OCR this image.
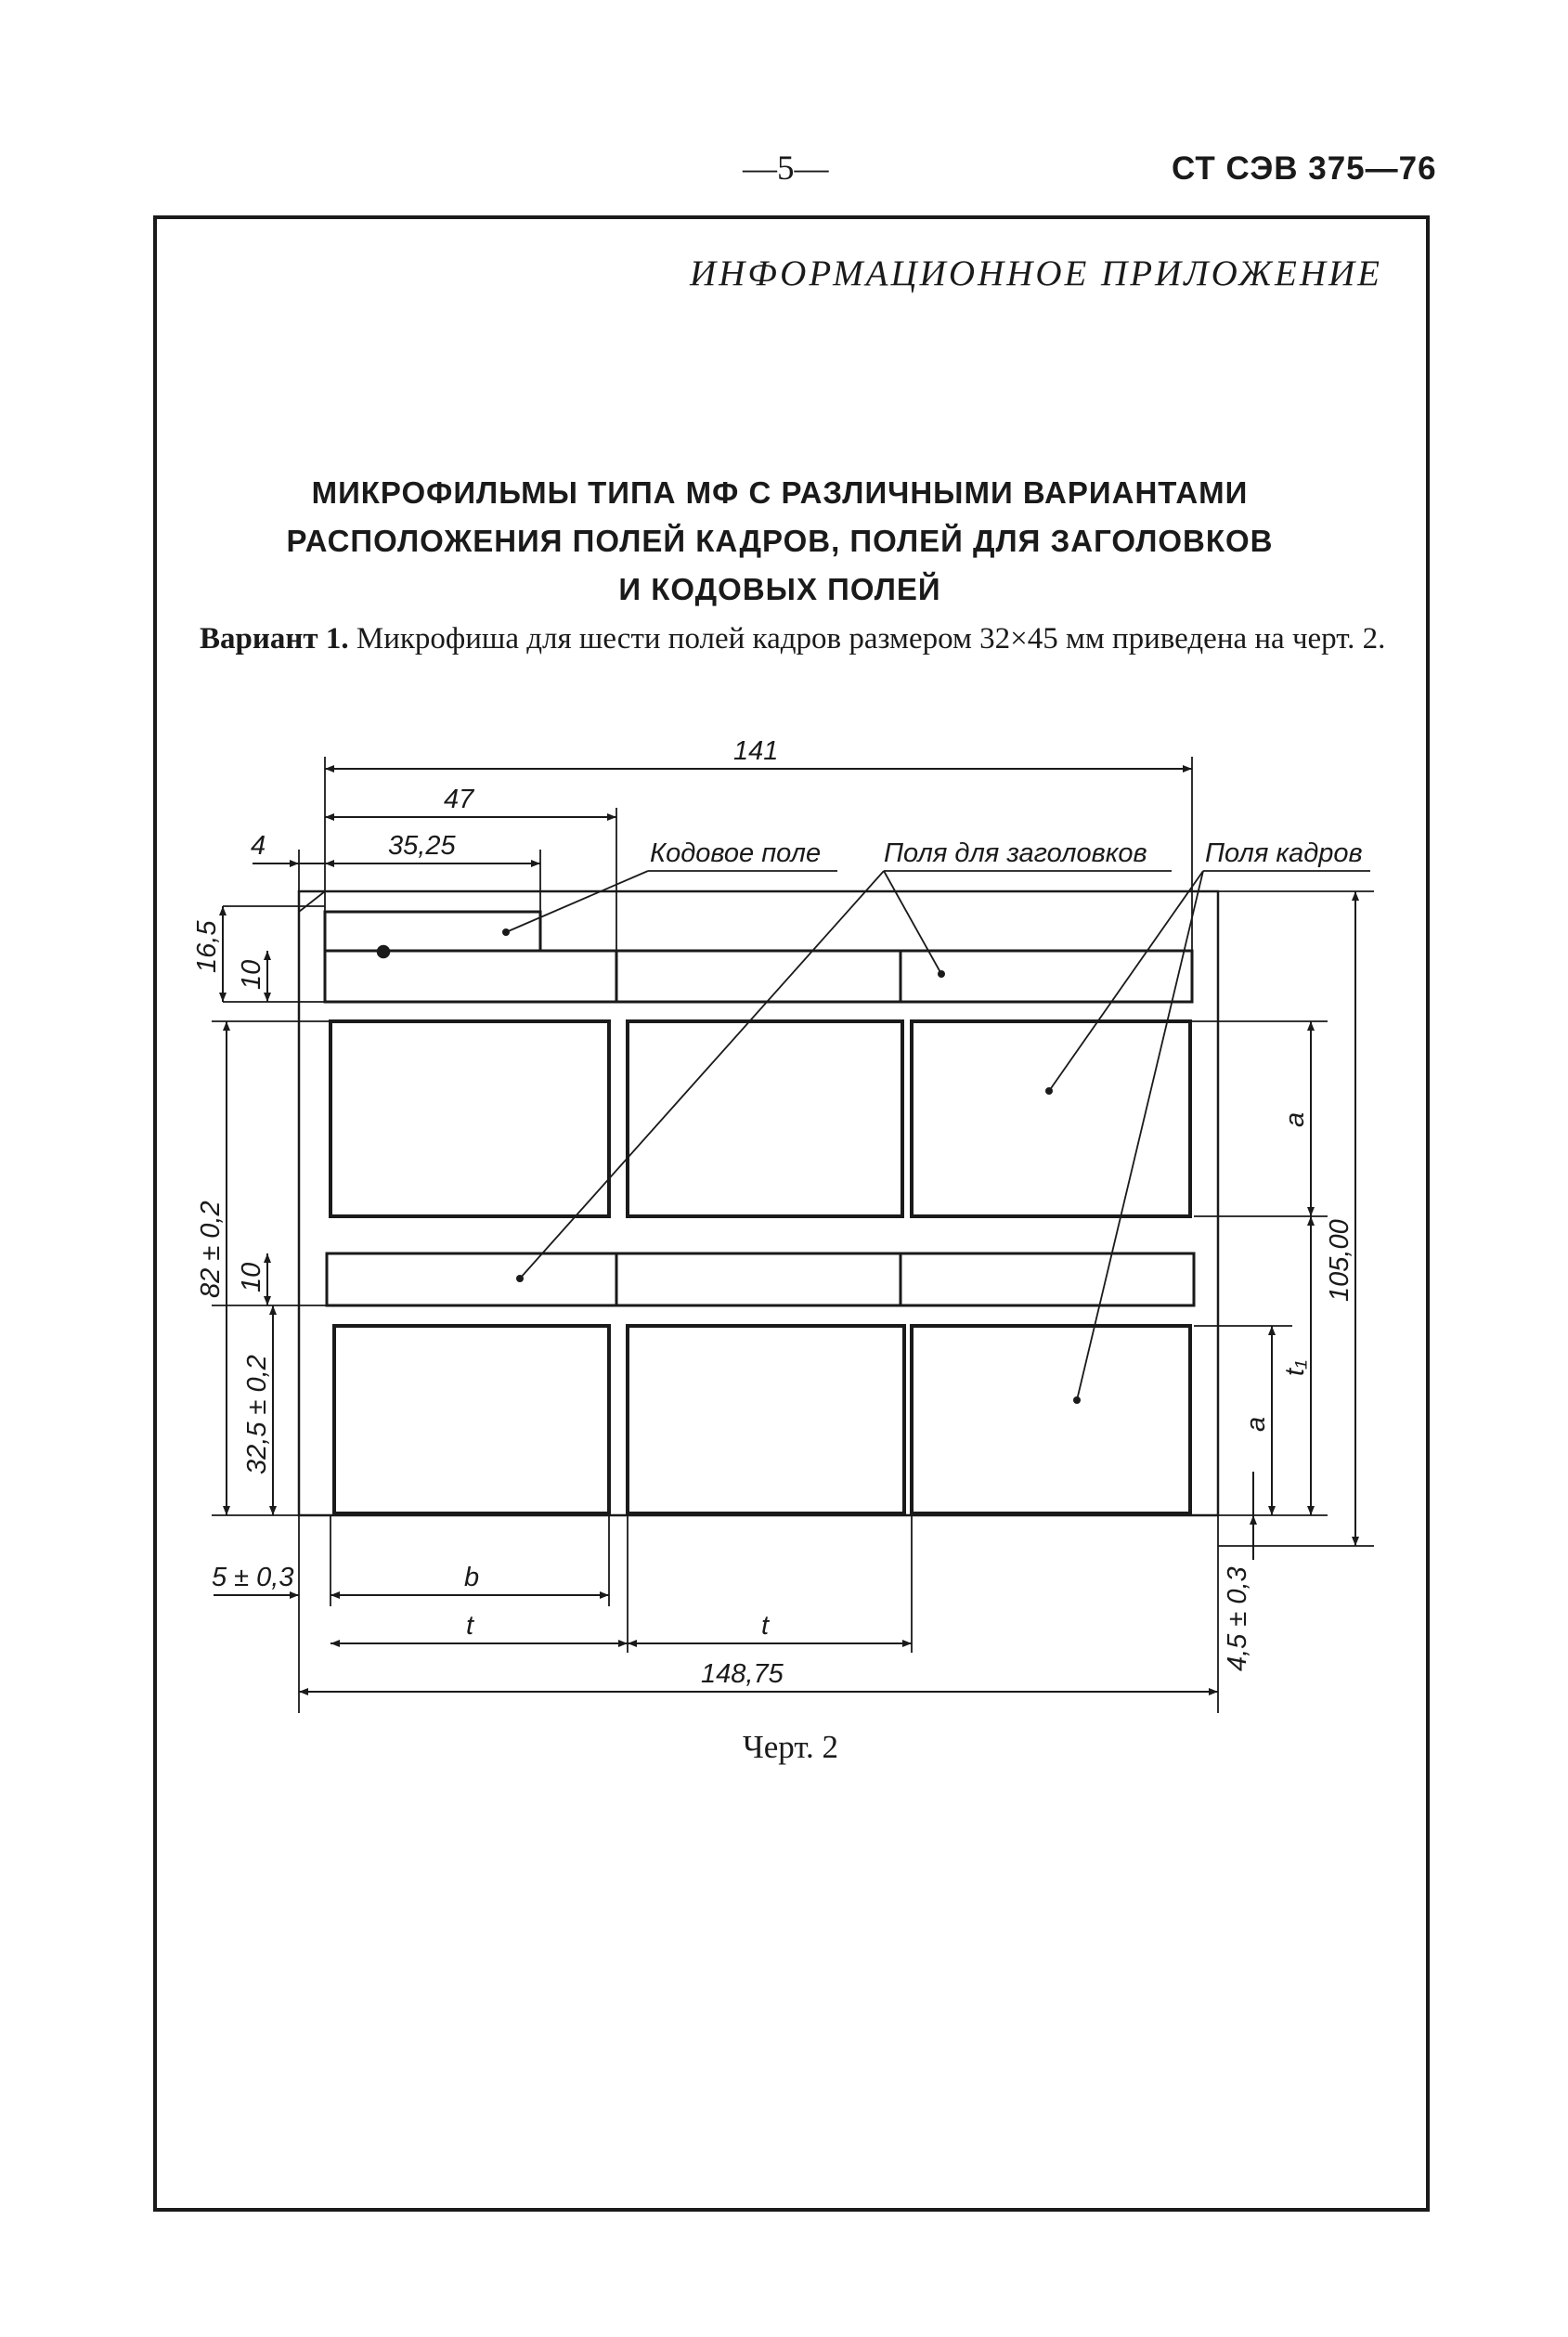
—5—	СТ СЭВ 375—76
ИНФОРМАЦИОННОЕ ПРИЛОЖЕНИЕ
МИКРОФИЛЬМЫ ТИПА МФ С РАЗЛИЧНЫМИ ВАРИАНТАМИ
РАСПОЛОЖЕНИЯ ПОЛЕЙ КАДРОВ, ПОЛЕЙ ДЛЯ ЗАГОЛОВКОВ
И КОДОВЫХ ПОЛЕЙ
Вариант 1. Микрофиша для шести полей кадров размером 32×45 мм приведена на черт. 2.
Кодовое поле Поля для заголовков Поля кадров
141
47
35,25
4
5 ± 0,3	b
t	t
148,75
16,5
10
82 ± 0,2 10
32,5 ± 0,2
a
105,00
t₁
a
4,5 ± 0,3
Черт. 2
